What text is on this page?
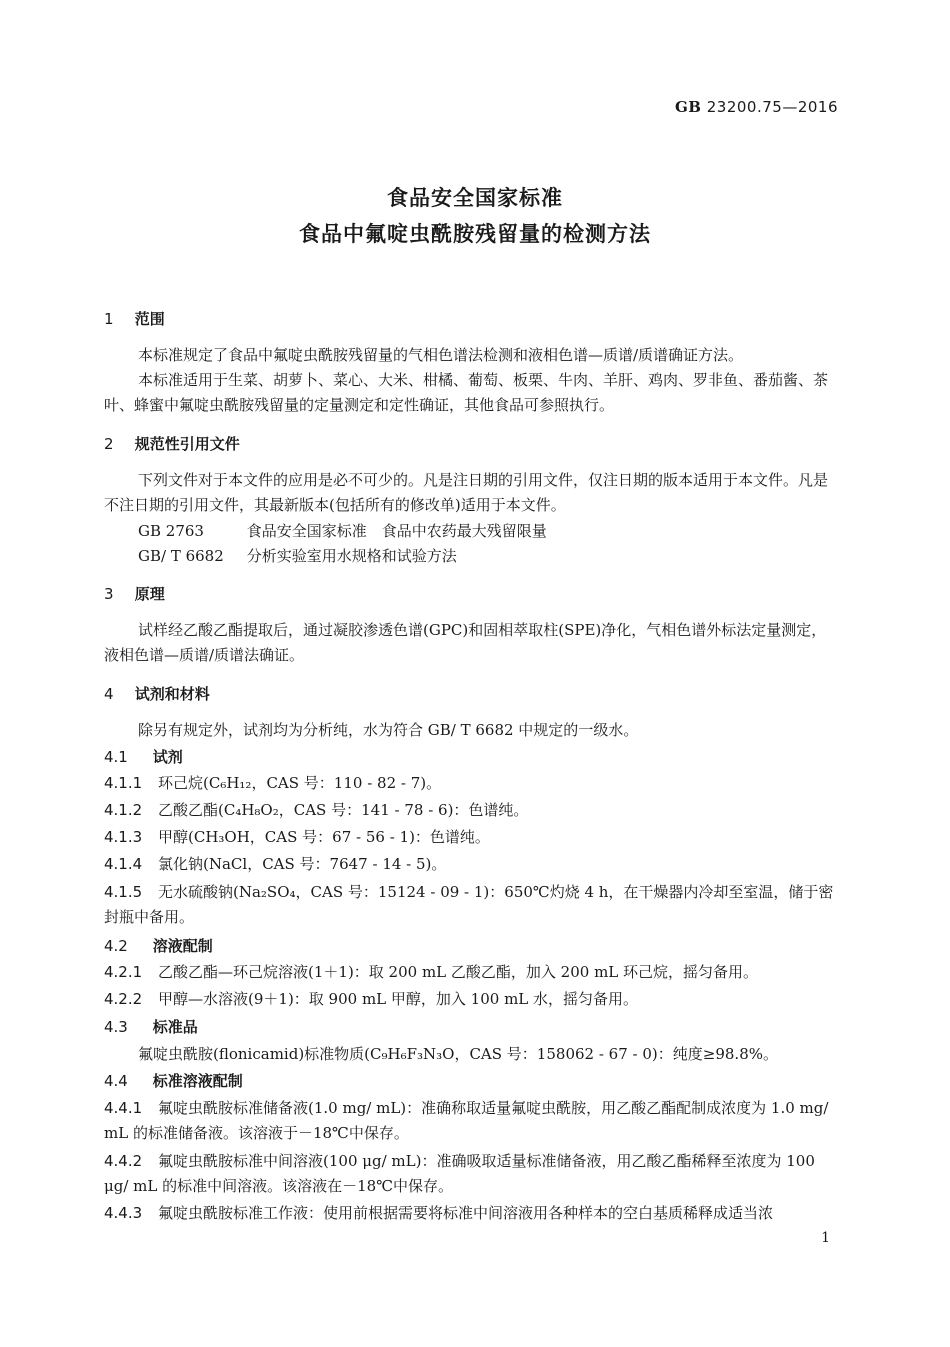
GB 23200.75—2016
食品安全国家标准
食品中氟啶虫酰胺残留量的检测方法
1 范围
本标准规定了食品中氟啶虫酰胺残留量的气相色谱法检测和液相色谱—质谱/质谱确证方法。
本标准适用于生菜、胡萝卜、菜心、大米、柑橘、葡萄、板栗、牛肉、羊肝、鸡肉、罗非鱼、番茄酱、茶叶、蜂蜜中氟啶虫酰胺残留量的定量测定和定性确证，其他食品可参照执行。
2 规范性引用文件
下列文件对于本文件的应用是必不可少的。凡是注日期的引用文件，仅注日期的版本适用于本文件。凡是不注日期的引用文件，其最新版本(包括所有的修改单)适用于本文件。
GB 2763	食品安全国家标准　食品中农药最大残留限量
GB/ T 6682 分析实验室用水规格和试验方法
3 原理
试样经乙酸乙酯提取后，通过凝胶渗透色谱(GPC)和固相萃取柱(SPE)净化，气相色谱外标法定量测定，液相色谱—质谱/质谱法确证。
4 试剂和材料
除另有规定外，试剂均为分析纯，水为符合 GB/ T 6682 中规定的一级水。
4.1 试剂
4.1.1 环己烷(C₆H₁₂，CAS 号：110 - 82 - 7)。
4.1.2 乙酸乙酯(C₄H₈O₂，CAS 号：141 - 78 - 6)：色谱纯。
4.1.3 甲醇(CH₃OH，CAS 号：67 - 56 - 1)：色谱纯。
4.1.4 氯化钠(NaCl，CAS 号：7647 - 14 - 5)。
4.1.5 无水硫酸钠(Na₂SO₄，CAS 号：15124 - 09 - 1)：650℃灼烧 4 h，在干燥器内冷却至室温，储于密封瓶中备用。
4.2 溶液配制
4.2.1 乙酸乙酯—环己烷溶液(1＋1)：取 200 mL 乙酸乙酯，加入 200 mL 环己烷，摇匀备用。
4.2.2 甲醇—水溶液(9＋1)：取 900 mL 甲醇，加入 100 mL 水，摇匀备用。
4.3 标准品
氟啶虫酰胺(flonicamid)标准物质(C₉H₆F₃N₃O，CAS 号：158062 - 67 - 0)：纯度≥98.8%。
4.4 标准溶液配制
4.4.1 氟啶虫酰胺标准储备液(1.0 mg/ mL)：准确称取适量氟啶虫酰胺，用乙酸乙酯配制成浓度为 1.0 mg/ mL 的标准储备液。该溶液于－18℃中保存。
4.4.2 氟啶虫酰胺标准中间溶液(100 μg/ mL)：准确吸取适量标准储备液，用乙酸乙酯稀释至浓度为 100 μg/ mL 的标准中间溶液。该溶液在－18℃中保存。
4.4.3 氟啶虫酰胺标准工作液：使用前根据需要将标准中间溶液用各种样本的空白基质稀释成适当浓
1
